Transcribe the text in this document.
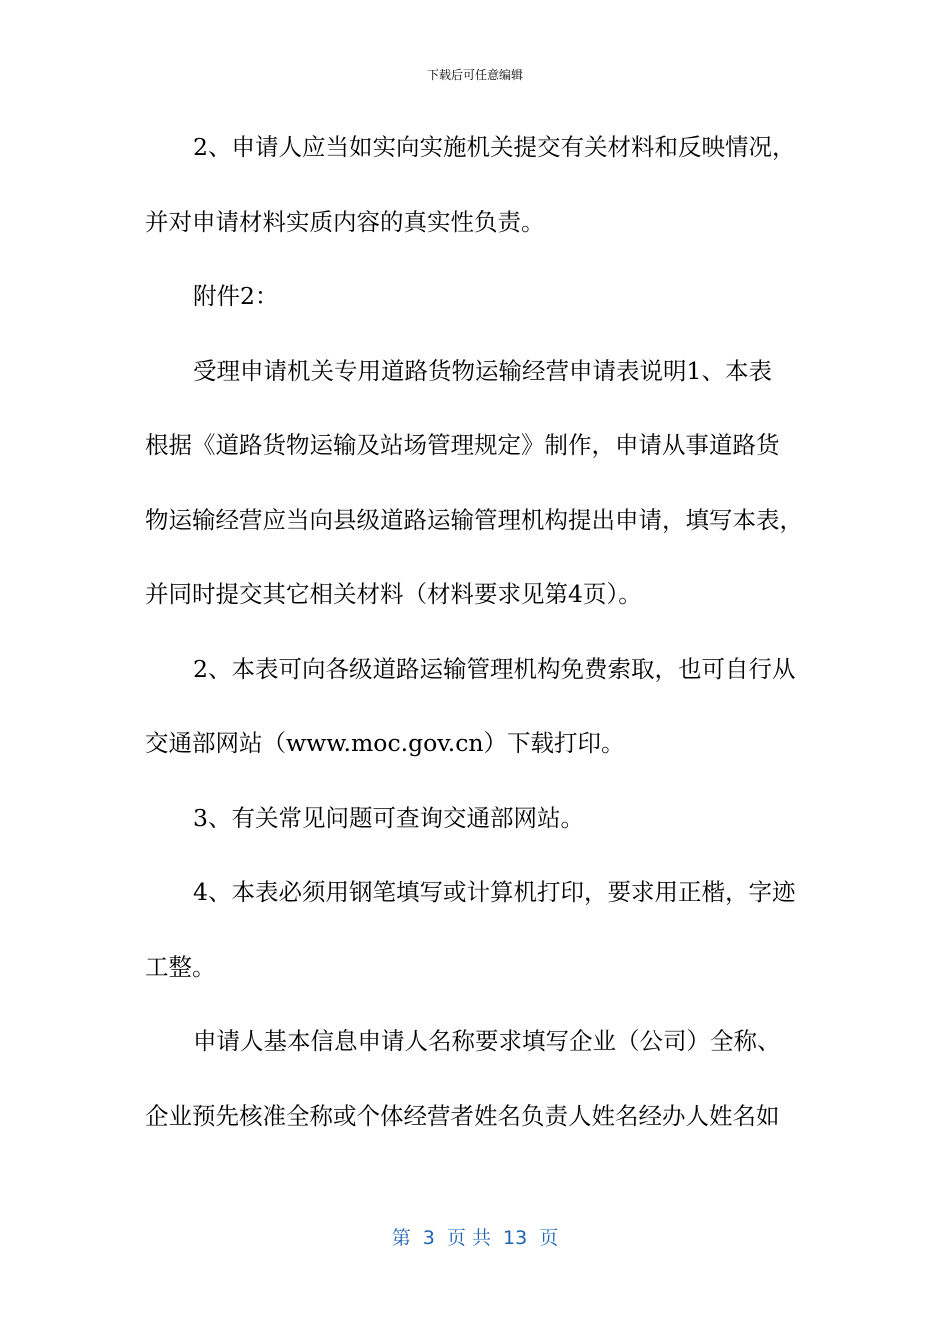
下载后可任意编辑
2、申请人应当如实向实施机关提交有关材料和反映情况，
并对申请材料实质内容的真实性负责。
附件2：
受理申请机关专用道路货物运输经营申请表说明1、本表
根据《道路货物运输及站场管理规定》制作，申请从事道路货
物运输经营应当向县级道路运输管理机构提出申请，填写本表，
并同时提交其它相关材料（材料要求见第4页）。
2、本表可向各级道路运输管理机构免费索取，也可自行从
交通部网站（www.moc.gov.cn）下载打印。
3、有关常见问题可查询交通部网站。
4、本表必须用钢笔填写或计算机打印，要求用正楷，字迹
工整。
申请人基本信息申请人名称要求填写企业（公司）全称、
企业预先核准全称或个体经营者姓名负责人姓名经办人姓名如
第  3  页 共  13  页
